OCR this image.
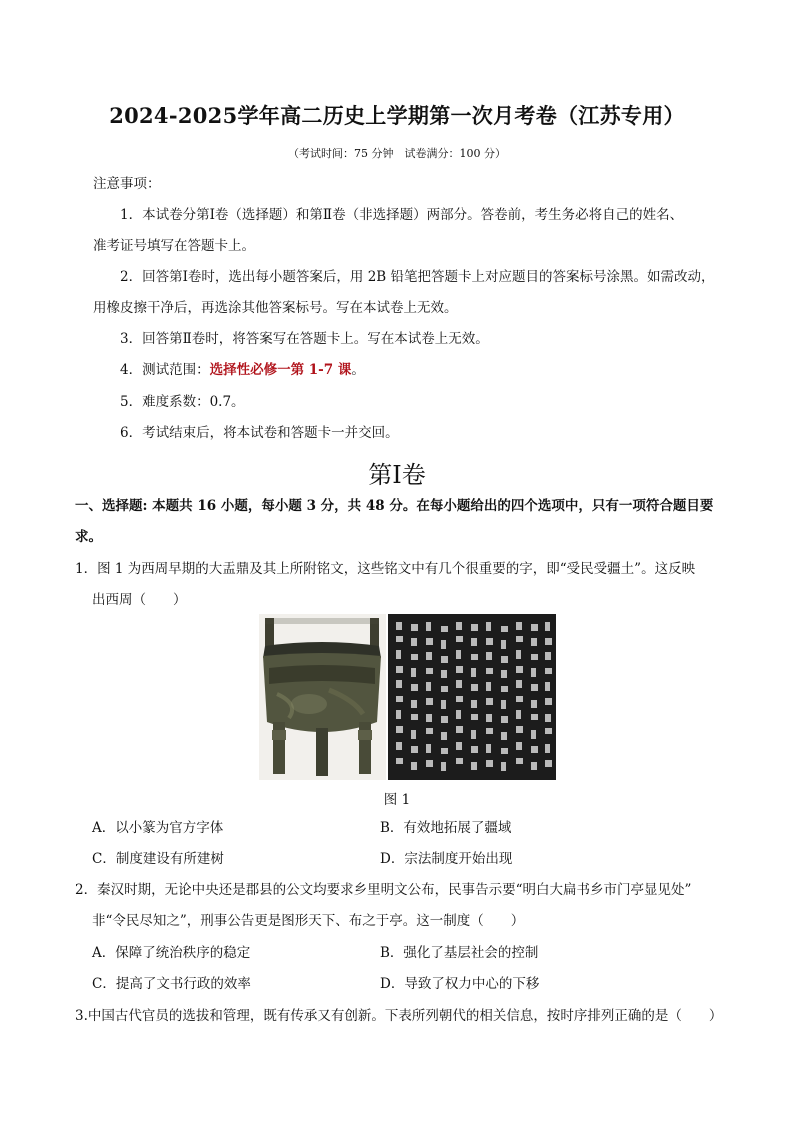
2024-2025学年高二历史上学期第一次月考卷（江苏专用）
（考试时间：75 分钟　试卷满分：100 分）
注意事项：
1．本试卷分第Ⅰ卷（选择题）和第Ⅱ卷（非选择题）两部分。答卷前，考生务必将自己的姓名、
准考证号填写在答题卡上。
2．回答第Ⅰ卷时，选出每小题答案后，用 2B 铅笔把答题卡上对应题目的答案标号涂黑。如需改动，
用橡皮擦干净后，再选涂其他答案标号。写在本试卷上无效。
3．回答第Ⅱ卷时，将答案写在答题卡上。写在本试卷上无效。
4．测试范围：选择性必修一第 1-7 课。
5．难度系数：0.7。
6．考试结束后，将本试卷和答题卡一并交回。
第Ⅰ卷
一、选择题: 本题共 16 小题，每小题 3 分，共 48 分。在每小题给出的四个选项中，只有一项符合题目要
求。
1．图 1 为西周早期的大盂鼎及其上所附铭文，这些铭文中有几个很重要的字，即“受民受疆土”。这反映
出西周（　　）
图 1
A．以小篆为官方字体	B．有效地拓展了疆域
C．制度建设有所建树	D．宗法制度开始出现
2．秦汉时期，无论中央还是郡县的公文均要求乡里明文公布，民事告示要“明白大扁书乡市门亭显见处”
非“令民尽知之”，刑事公告更是图形天下、布之于亭。这一制度（　　）
A．保障了统治秩序的稳定	B．强化了基层社会的控制
C．提高了文书行政的效率	D．导致了权力中心的下移
3.中国古代官员的选拔和管理，既有传承又有创新。下表所列朝代的相关信息，按时序排列正确的是（　　）
